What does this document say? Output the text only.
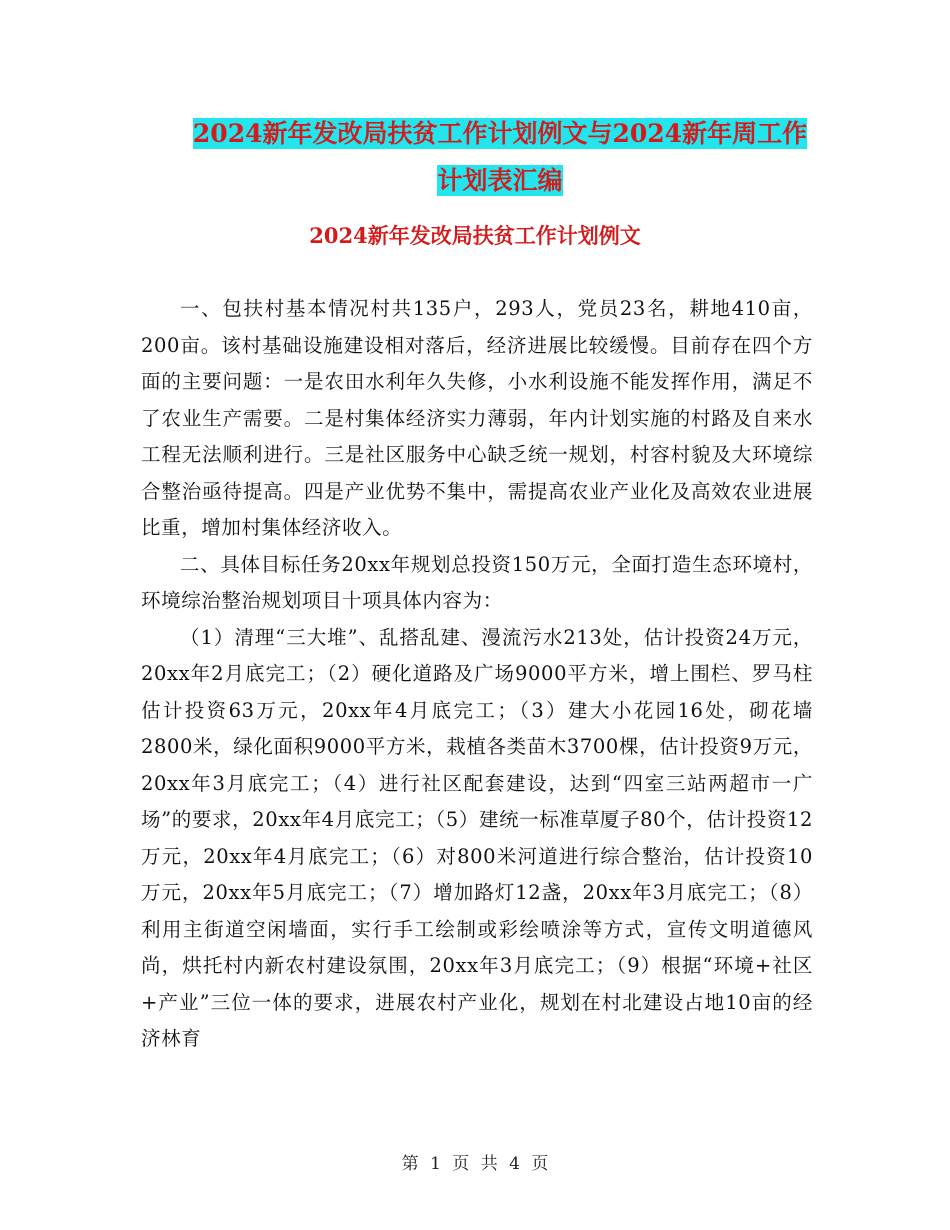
2024新年发改局扶贫工作计划例文与2024新年周工作
计划表汇编
2024新年发改局扶贫工作计划例文

一、包扶村基本情况村共135户，293人，党员23名，耕地410亩，200亩。该村基础设施建设相对落后，经济进展比较缓慢。目前存在四个方面的主要问题：一是农田水利年久失修，小水利设施不能发挥作用，满足不了农业生产需要。二是村集体经济实力薄弱，年内计划实施的村路及自来水工程无法顺利进行。三是社区服务中心缺乏统一规划，村容村貌及大环境综合整治亟待提高。四是产业优势不集中，需提高农业产业化及高效农业进展比重，增加村集体经济收入。

二、具体目标任务20xx年规划总投资150万元，全面打造生态环境村，环境综治整治规划项目十项具体内容为：

（1）清理“三大堆”、乱搭乱建、漫流污水213处，估计投资24万元，20xx年2月底完工；（2）硬化道路及广场9000平方米，增上围栏、罗马柱估计投资63万元，20xx年4月底完工；（3）建大小花园16处，砌花墙2800米，绿化面积9000平方米，栽植各类苗木3700棵，估计投资9万元，20xx年3月底完工；（4）进行社区配套建设，达到“四室三站两超市一广场”的要求，20xx年4月底完工；（5）建统一标准草厦子80个，估计投资12万元，20xx年4月底完工；（6）对800米河道进行综合整治，估计投资10万元，20xx年5月底完工；（7）增加路灯12盏，20xx年3月底完工；（8）利用主街道空闲墙面，实行手工绘制或彩绘喷涂等方式，宣传文明道德风尚，烘托村内新农村建设氛围，20xx年3月底完工；（9）根据“环境+社区+产业”三位一体的要求，进展农村产业化，规划在村北建设占地10亩的经济林育

第 1 页 共 4 页
